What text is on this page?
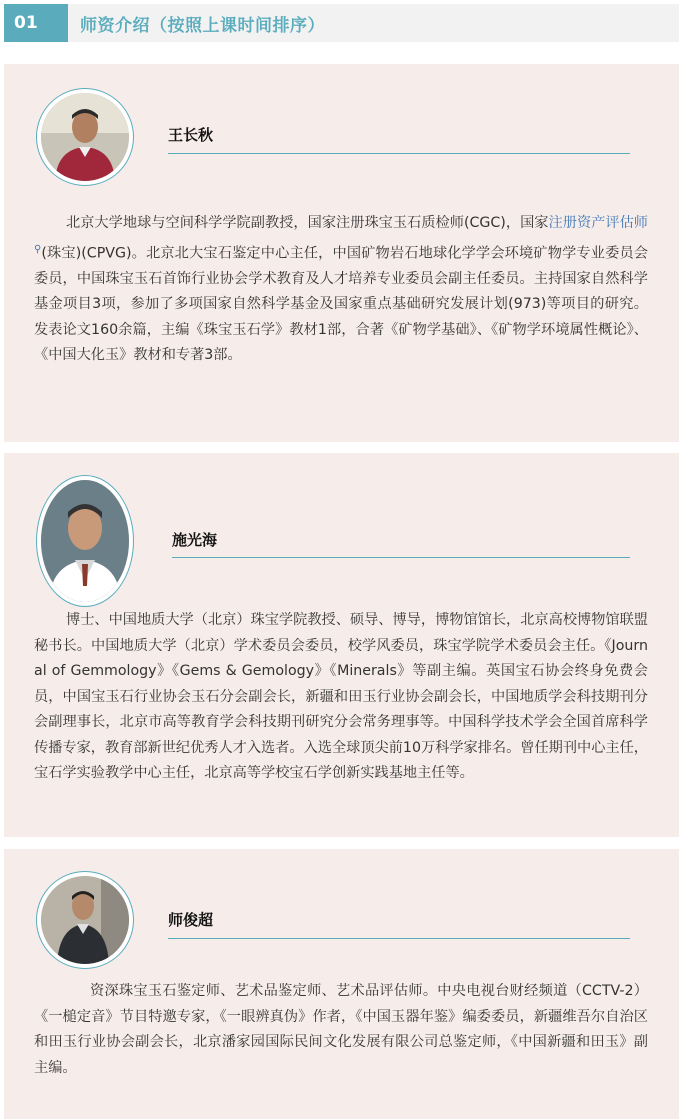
01	师资介绍（按照上课时间排序）
王长秋

北京大学地球与空间科学学院副教授，国家注册珠宝玉石质检师(CGC)，国家注册资产评估师⚲(珠宝)(CPVG)。北京北大宝石鉴定中心主任，中国矿物岩石地球化学学会环境矿物学专业委员会委员，中国珠宝玉石首饰行业协会学术教育及人才培养专业委员会副主任委员。主持国家自然科学基金项目3项，参加了多项国家自然科学基金及国家重点基础研究发展计划(973)等项目的研究。发表论文160余篇，主编《珠宝玉石学》教材1部，合著《矿物学基础》、《矿物学环境属性概论》、《中国大化玉》教材和专著3部。

施光海

博士、中国地质大学（北京）珠宝学院教授、硕导、博导，博物馆馆长，北京高校博物馆联盟秘书长。中国地质大学（北京）学术委员会委员，校学风委员，珠宝学院学术委员会主任。《Journal of Gemmology》《Gems & Gemology》《Minerals》等副主编。英国宝石协会终身免费会员，中国宝玉石行业协会玉石分会副会长，新疆和田玉行业协会副会长，中国地质学会科技期刊分会副理事长，北京市高等教育学会科技期刊研究分会常务理事等。中国科学技术学会全国首席科学传播专家，教育部新世纪优秀人才入选者。入选全球顶尖前10万科学家排名。曾任期刊中心主任，宝石学实验教学中心主任，北京高等学校宝石学创新实践基地主任等。

师俊超

资深珠宝玉石鉴定师、艺术品鉴定师、艺术品评估师。中央电视台财经频道（CCTV-2）《一槌定音》节目特邀专家，《一眼辨真伪》作者，《中国玉器年鉴》编委委员，新疆维吾尔自治区和田玉行业协会副会长，北京潘家园国际民间文化发展有限公司总鉴定师，《中国新疆和田玉》副主编。
